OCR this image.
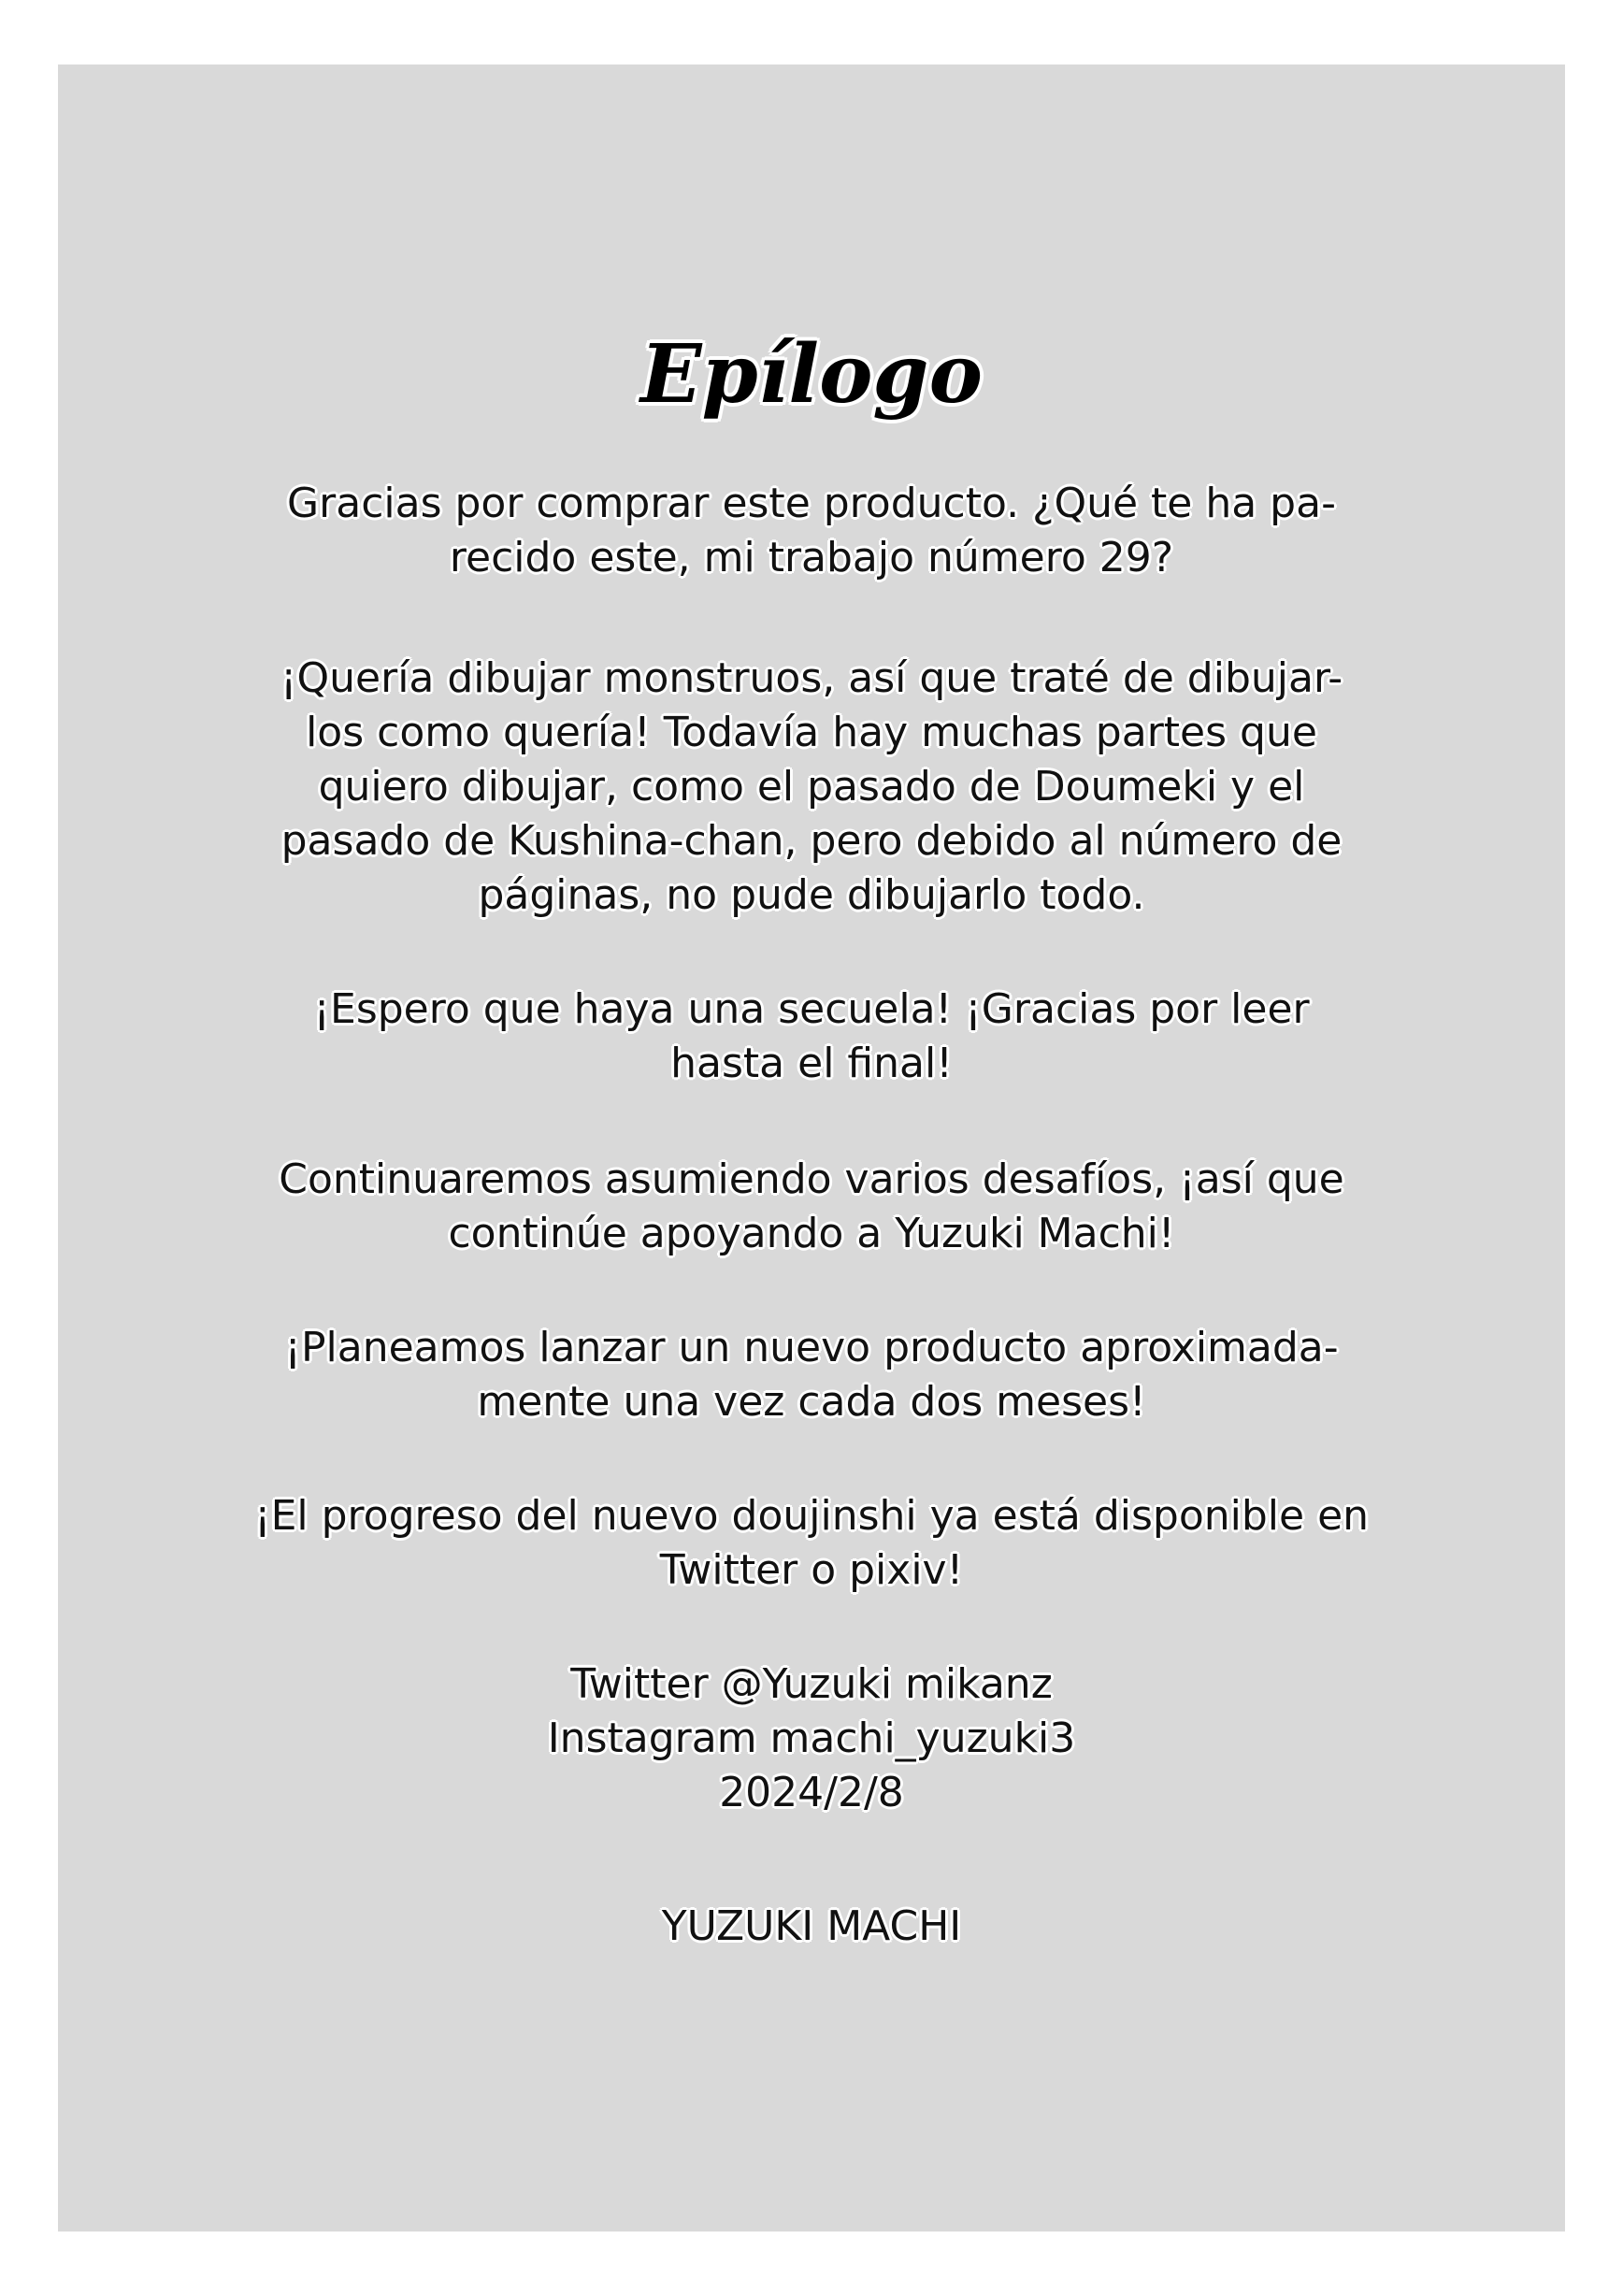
Epílogo

Gracias por comprar este producto. ¿Qué te ha pa-
recido este, mi trabajo número 29?

¡Quería dibujar monstruos, así que traté de dibujar-
los como quería! Todavía hay muchas partes que
quiero dibujar, como el pasado de Doumeki y el
pasado de Kushina-chan, pero debido al número de
páginas, no pude dibujarlo todo.

¡Espero que haya una secuela! ¡Gracias por leer
hasta el final!

Continuaremos asumiendo varios desafíos, ¡así que
continúe apoyando a Yuzuki Machi!

¡Planeamos lanzar un nuevo producto aproximada-
mente una vez cada dos meses!

¡El progreso del nuevo doujinshi ya está disponible en
Twitter o pixiv!

Twitter @Yuzuki mikanz
Instagram machi_yuzuki3
2024/2/8

YUZUKI MACHI
